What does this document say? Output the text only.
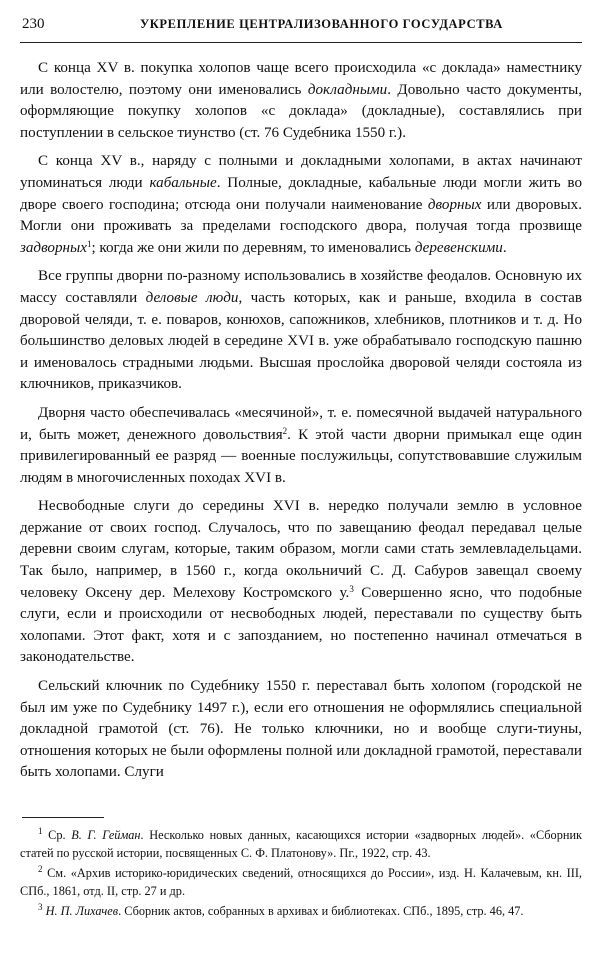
230	УКРЕПЛЕНИЕ ЦЕНТРАЛИЗОВАННОГО ГОСУДАРСТВА

С конца XV в. покупка холопов чаще всего происходила «с доклада» наместнику или волостелю, поэтому они именовались докладными. Довольно часто документы, оформляющие покупку холопов «с доклада» (докладные), составлялись при поступлении в сельское тиунство (ст. 76 Судебника 1550 г.).

С конца XV в., наряду с полными и докладными холопами, в актах начинают упоминаться люди кабальные. Полные, докладные, кабальные люди могли жить во дворе своего господина; отсюда они получали наименование дворных или дворовых. Могли они проживать за пределами господского двора, получая тогда прозвище задворных$^1$; когда же они жили по деревням, то именовались деревенскими.

Все группы дворни по-разному использовались в хозяйстве феодалов. Основную их массу составляли деловые люди, часть которых, как и раньше, входила в состав дворовой челяди, т. е. поваров, конюхов, сапожников, хлебников, плотников и т. д. Но большинство деловых людей в середине XVI в. уже обрабатывало господскую пашню и именовалось страдными людьми. Высшая прослойка дворовой челяди состояла из ключников, приказчиков.

Дворня часто обеспечивалась «месячиной», т. е. помесячной выдачей натурального и, быть может, денежного довольствия$^2$. К этой части дворни примыкал еще один привилегированный ее разряд — военные послужильцы, сопутствовавшие служилым людям в многочисленных походах XVI в.

Несвободные слуги до середины XVI в. нередко получали землю в условное держание от своих господ. Случалось, что по завещанию феодал передавал целые деревни своим слугам, которые, таким образом, могли сами стать землевладельцами. Так было, например, в 1560 г., когда окольничий С. Д. Сабуров завещал своему человеку Оксену дер. Мелехову Костромского у.$^3$ Совершенно ясно, что подобные слуги, если и происходили от несвободных людей, переставали по существу быть холопами. Этот факт, хотя и с запозданием, но постепенно начинал отмечаться в законодательстве.

Сельский ключник по Судебнику 1550 г. переставал быть холопом (городской не был им уже по Судебнику 1497 г.), если его отношения не оформлялись специальной докладной грамотой (ст. 76). Не только ключники, но и вообще слуги-тиуны, отношения которых не были оформлены полной или докладной грамотой, переставали быть холопами. Слуги

$^1$ Ср. В. Г. Гейман. Несколько новых данных, касающихся истории «задворных людей». «Сборник статей по русской истории, посвященных С. Ф. Платонову». Пг., 1922, стр. 43.

$^2$ См. «Архив историко-юридических сведений, относящихся до России», изд. Н. Калачевым, кн. III, СПб., 1861, отд. II, стр. 27 и др.

$^3$ Н. П. Лихачев. Сборник актов, собранных в архивах и библиотеках. СПб., 1895, стр. 46, 47.
